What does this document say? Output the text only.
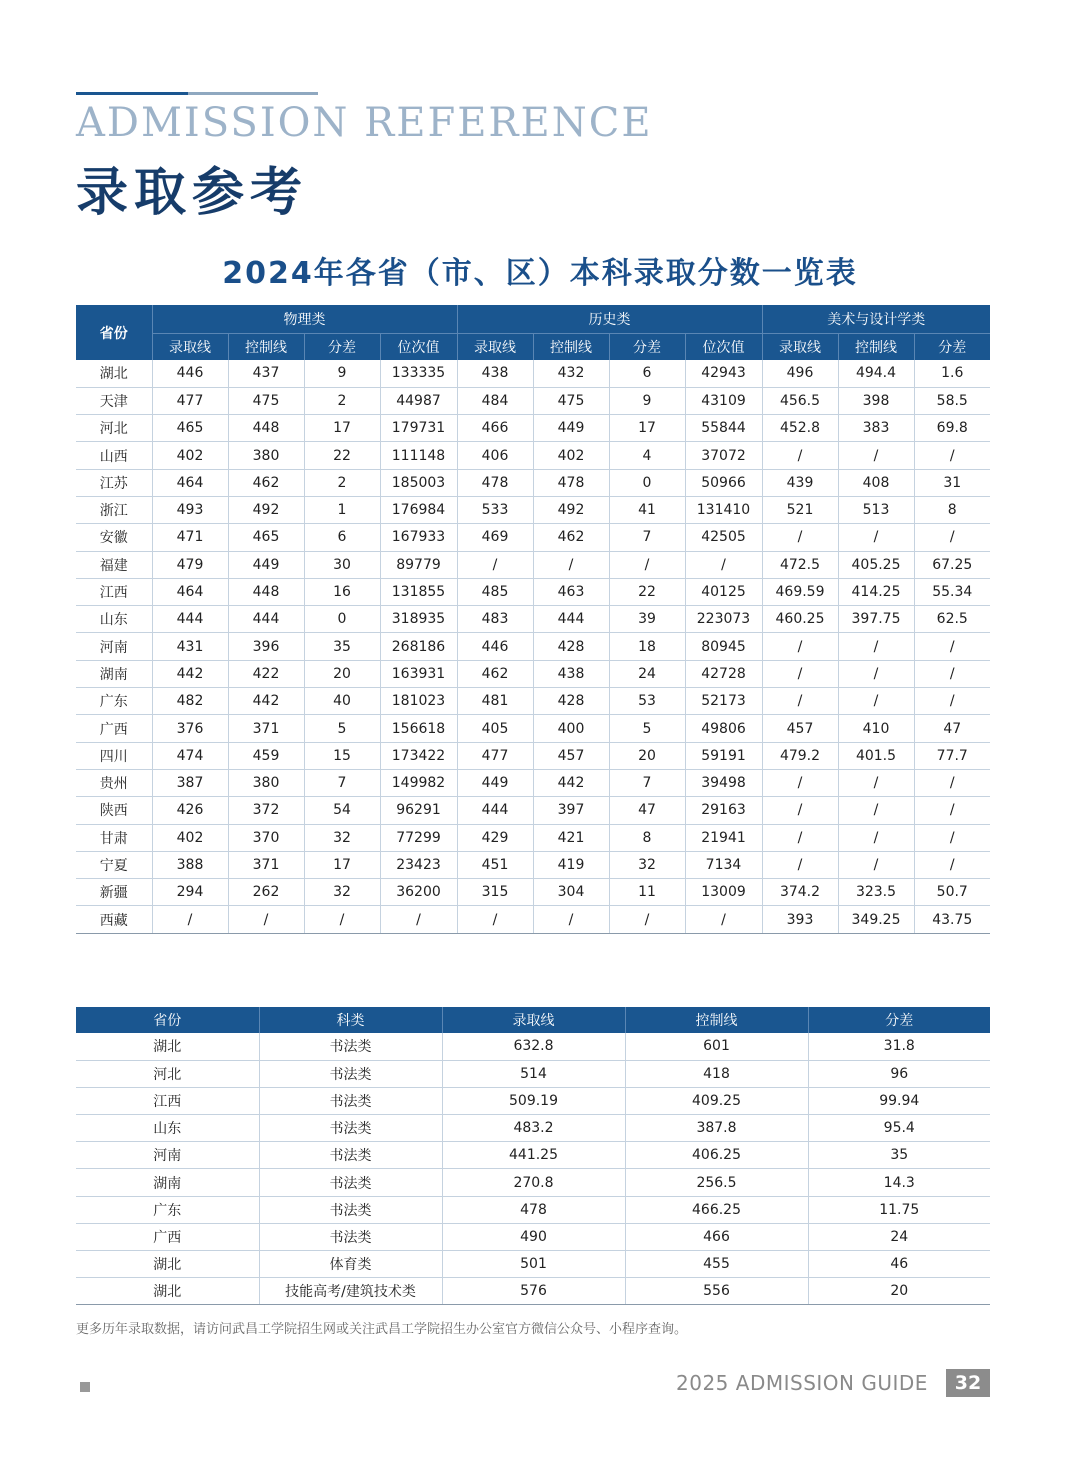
ADMISSION REFERENCE
录取参考
2024年各省（市、区）本科录取分数一览表
省份	物理类				历史类				美术与设计学类		
	录取线	控制线	分差	位次值	录取线	控制线	分差	位次值	录取线	控制线	分差
湖北	446	437	9	133335	438	432	6	42943	496	494.4	1.6
天津	477	475	2	44987	484	475	9	43109	456.5	398	58.5
河北	465	448	17	179731	466	449	17	55844	452.8	383	69.8
山西	402	380	22	111148	406	402	4	37072	/	/	/
江苏	464	462	2	185003	478	478	0	50966	439	408	31
浙江	493	492	1	176984	533	492	41	131410	521	513	8
安徽	471	465	6	167933	469	462	7	42505	/	/	/
福建	479	449	30	89779	/	/	/	/	472.5	405.25	67.25
江西	464	448	16	131855	485	463	22	40125	469.59	414.25	55.34
山东	444	444	0	318935	483	444	39	223073	460.25	397.75	62.5
河南	431	396	35	268186	446	428	18	80945	/	/	/
湖南	442	422	20	163931	462	438	24	42728	/	/	/
广东	482	442	40	181023	481	428	53	52173	/	/	/
广西	376	371	5	156618	405	400	5	49806	457	410	47
四川	474	459	15	173422	477	457	20	59191	479.2	401.5	77.7
贵州	387	380	7	149982	449	442	7	39498	/	/	/
陕西	426	372	54	96291	444	397	47	29163	/	/	/
甘肃	402	370	32	77299	429	421	8	21941	/	/	/
宁夏	388	371	17	23423	451	419	32	7134	/	/	/
新疆	294	262	32	36200	315	304	11	13009	374.2	323.5	50.7
西藏	/	/	/	/	/	/	/	/	393	349.25	43.75
省份	科类	录取线	控制线	分差
湖北	书法类	632.8	601	31.8
河北	书法类	514	418	96
江西	书法类	509.19	409.25	99.94
山东	书法类	483.2	387.8	95.4
河南	书法类	441.25	406.25	35
湖南	书法类	270.8	256.5	14.3
广东	书法类	478	466.25	11.75
广西	书法类	490	466	24
湖北	体育类	501	455	46
湖北	技能高考/建筑技术类	576	556	20
更多历年录取数据，请访问武昌工学院招生网或关注武昌工学院招生办公室官方微信公众号、小程序查询。
2025 ADMISSION GUIDE	32
